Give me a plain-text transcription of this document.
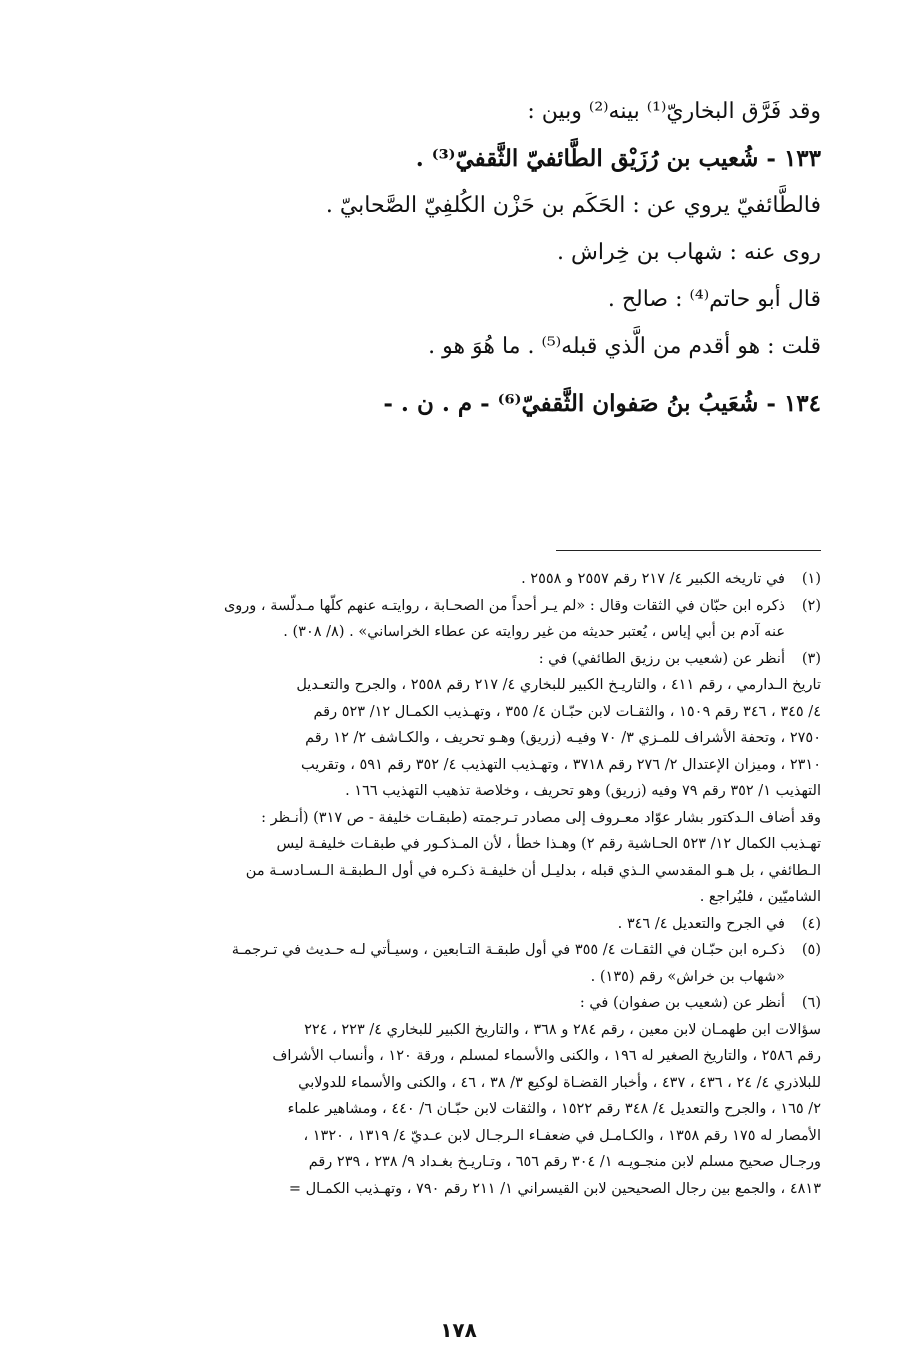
وقد فَرَّق البخاريّ⁽¹⁾ بينه⁽²⁾ وبين :
١٣٣ - شُعيب بن رُزَيْق الطَّائفيّ الثَّقفيّ⁽³⁾ .
فالطَّائفيّ يروي عن : الحَكَم بن حَزْن الكُلفِيّ الصَّحابيّ .
روى عنه : شهاب بن خِراش .
قال أبو حاتم⁽⁴⁾ : صالح .
قلت : هو أقدم من الَّذي قبله⁽⁵⁾ . ما هُوَ هو .
١٣٤ - شُعَيبُ بنُ صَفوان الثَّقفيّ⁽⁶⁾ - م . ن . -
(١)
في تاريخه الكبير ٤/ ٢١٧ رقم ٢٥٥٧ و ٢٥٥٨ .
(٢)
ذكره ابن حبّان في الثقات وقال : «لم يـر أحداً من الصحـابة ، روايتـه عنهم كلّها مـدلّسة ، وروى
عنه آدم بن أبي إياس ، يُعتبر حديثه من غير روايته عن عطاء الخراساني» . (٨/ ٣٠٨) .
(٣)
أنظر عن (شعيب بن رزيق الطائفي) في :
تاريخ الـدارمي ، رقم ٤١١ ، والتاريـخ الكبير للبخاري ٤/ ٢١٧ رقم ٢٥٥٨ ، والجرح والتعـديل
٤/ ٣٤٥ ، ٣٤٦ رقم ١٥٠٩ ، والثقـات لابن حبّـان ٤/ ٣٥٥ ، وتهـذيب الكمـال ١٢/ ٥٢٣ رقم
٢٧٥٠ ، وتحفة الأشراف للمـزي ٣/ ٧٠ وفيـه (زريق) وهـو تحريف ، والكـاشف ٢/ ١٢ رقم
٢٣١٠ ، وميزان الإعتدال ٢/ ٢٧٦ رقم ٣٧١٨ ، وتهـذيب التهذيب ٤/ ٣٥٢ رقم ٥٩١ ، وتقريب
التهذيب ١/ ٣٥٢ رقم ٧٩ وفيه (زريق) وهو تحريف ، وخلاصة تذهيب التهذيب ١٦٦ .
وقد أضاف الـدكتور بشار عوّاد معـروف إلى مصادر تـرجمته (طبقـات خليفة - ص ٣١٧) (أنـظر :
تهـذيب الكمال ١٢/ ٥٢٣ الحـاشية رقم ٢) وهـذا خطأ ، لأن المـذكـور في طبقـات خليفـة ليس
الـطائفي ، بل هـو المقدسي الـذي قبله ، بدليـل أن خليفـة ذكـره في أول الـطبقـة الـسـادسـة من
الشاميّين ، فليُراجع .
(٤)
في الجرح والتعديل ٤/ ٣٤٦ .
(٥)
ذكـره ابن حبّـان في الثقـات ٤/ ٣٥٥ في أول طبقـة التـابعين ، وسيـأتي لـه حـديث في تـرجمـة
«شهاب بن خراش» رقم (١٣٥) .
(٦)
أنظر عن (شعيب بن صفوان) في :
سؤالات ابن طهمـان لابن معين ، رقم ٢٨٤ و ٣٦٨ ، والتاريخ الكبير للبخاري ٤/ ٢٢٣ ، ٢٢٤
رقم ٢٥٨٦ ، والتاريخ الصغير له ١٩٦ ، والكنى والأسماء لمسلم ، ورقة ١٢٠ ، وأنساب الأشراف
للبلاذري ٤/ ٢٤ ، ٤٣٦ ، ٤٣٧ ، وأخبار القضـاة لوكيع ٣/ ٣٨ ، ٤٦ ، والكنى والأسماء للدولابي
٢/ ١٦٥ ، والجرح والتعديل ٤/ ٣٤٨ رقم ١٥٢٢ ، والثقات لابن حبّـان ٦/ ٤٤٠ ، ومشاهير علماء
الأمصار له ١٧٥ رقم ١٣٥٨ ، والكـامـل في ضعفـاء الـرجـال لابن عـديّ ٤/ ١٣١٩ ، ١٣٢٠ ،
ورجـال صحيح مسلم لابن منجـويـه ١/ ٣٠٤ رقم ٦٥٦ ، وتـاريـخ بغـداد ٩/ ٢٣٨ ، ٢٣٩ رقم
٤٨١٣ ، والجمع بين رجال الصحيحين لابن القيسراني ١/ ٢١١ رقم ٧٩٠ ، وتهـذيب الكمـال =
١٧٨
